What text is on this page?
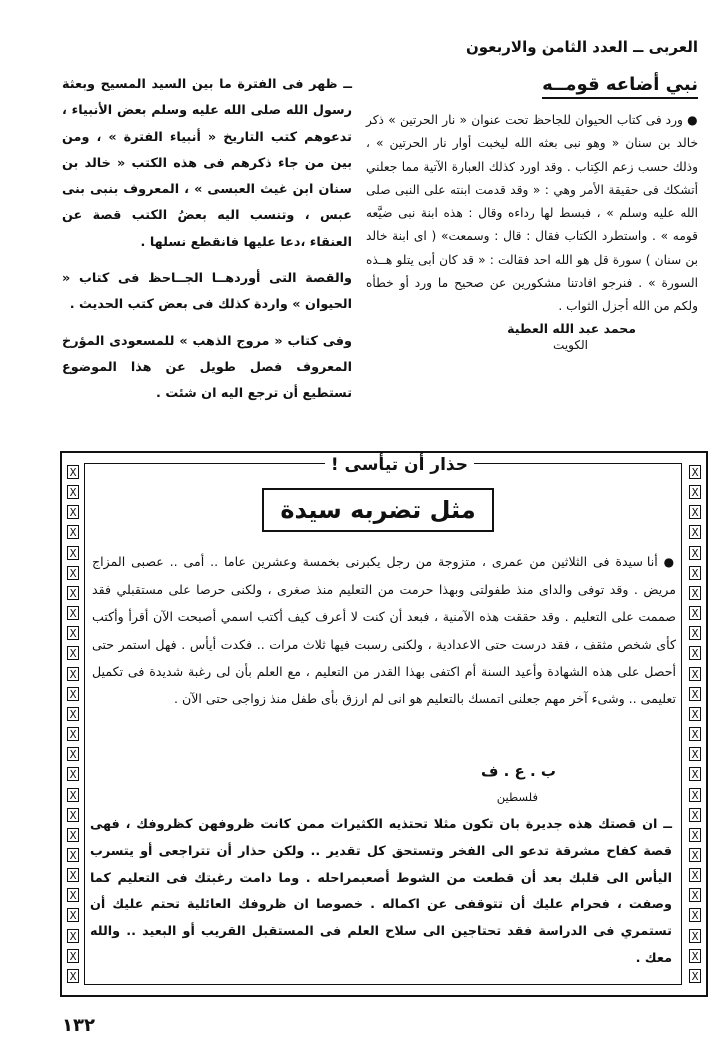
العربى ــ العدد الثامن والاربعون
نبي أضاعه قومــه
● ورد فى كتاب الحيوان للجاحظ تحت عنوان « نار الحرتين » ذكر خالد بن سنان « وهو نبى بعثه الله ليخبت أوار نار الحرتين » ، وذلك حسب زعم الكِتاب . وقد اورد كذلك العبارة الآتية مما جعلني أتشكك فى حقيقة الأمر وهي : « وقد قدمت ابنته على النبى صلى الله عليه وسلم » ، فبسط لها رداءه وقال : هذه ابنة نبى ضيَّعه قومه » . واستطرد الكتاب فقال : قال : وسمعت» ( اى ابنة خالد بن سنان ) سورة قل هو الله احد فقالت : « قد كان أبى يتلو هــذه السورة » . فنرجو افادتنا مشكورين عن صحيح ما ورد أو خطأه ولكم من الله أجزل الثواب .
محمد عبد الله العطية
الكويت
ــ ظهر فى الفترة ما بين السيد المسيح وبعثة رسول الله صلى الله عليه وسلم بعض الأنبياء ، تدعوهم كتب التاريخ « أنبياء الفترة » ، ومن بين من جاء ذكرهم فى هذه الكتب « خالد بن سنان ابن غيث العبسى » ، المعروف بنبى بنى عبس ، وتنسب اليه بعضُ الكتب قصة عن العنقاء ،دعا عليها فانقطع نسلها .
والقصة التى أوردهــا الجــاحظ فى كتاب « الحيوان » واردة كذلك فى بعض كتب الحديث .
وفى كتاب « مروج الذهب » للمسعودى المؤرخ المعروف فصل طويل عن هذا الموضوع تستطيع أن ترجع اليه ان شئت .
X
X
X
X
X
X
X
X
X
X
X
X
X
X
X
X
X
X
X
X
X
X
X
X
X
X
X
X
X
X
X
X
X
X
X
X
X
X
X
X
X
X
X
X
X
X
X
X
X
X
X
X
حذار أن تيأسى !
مثل تضربه سيدة
● أنا سيدة فى الثلاثين من عمرى ، متزوجة من رجل يكبرنى بخمسة وعشرين عاما .. أمى .. عصبى المزاج مريض . وقد توفى والداى منذ طفولتى وبهذا حرمت من التعليم منذ صغرى ، ولكنى حرصا على مستقبلي فقد صممت على التعليم . وقد حققت هذه الآمنية ، فبعد أن كنت لا أعرف كيف أكتب اسمي أصبحت الآن أقرأ وأكتب كأى شخص مثقف ، فقد درست حتى الاعدادية ، ولكنى رسبت فيها ثلاث مرات .. فكدت أيأس . فهل استمر حتى أحصل على هذه الشهادة وأعيد السنة أم اكتفى بهذا القدر من التعليم ، مع العلم بأن لى رغبة شديدة فى تكميل تعليمى .. وشىء آخر مهم جعلنى اتمسك بالتعليم هو انى لم ارزق بأى طفل منذ زواجى حتى الآن .
ب . ع . ف
فلسطين
ــ ان قصتك هذه جديرة بان تكون مثلا تحتذيه الكثيرات ممن كانت ظروفهن كظروفك ، فهى قصة كفاح مشرقة تدعو الى الفخر وتستحق كل تقدير .. ولكن حذار أن تتراجعى أو يتسرب اليأس الى قلبك بعد أن قطعت من الشوط أصعبمراحله . وما دامت رغبتك فى التعليم كما وصفت ، فحرام عليك أن تتوقفى عن اكماله . خصوصا ان ظروفك العائلية تحتم عليك أن تستمري فى الدراسة فقد تحتاجين الى سلاح العلم فى المستقبل القريب أو البعيد .. والله معك .
١٣٢
